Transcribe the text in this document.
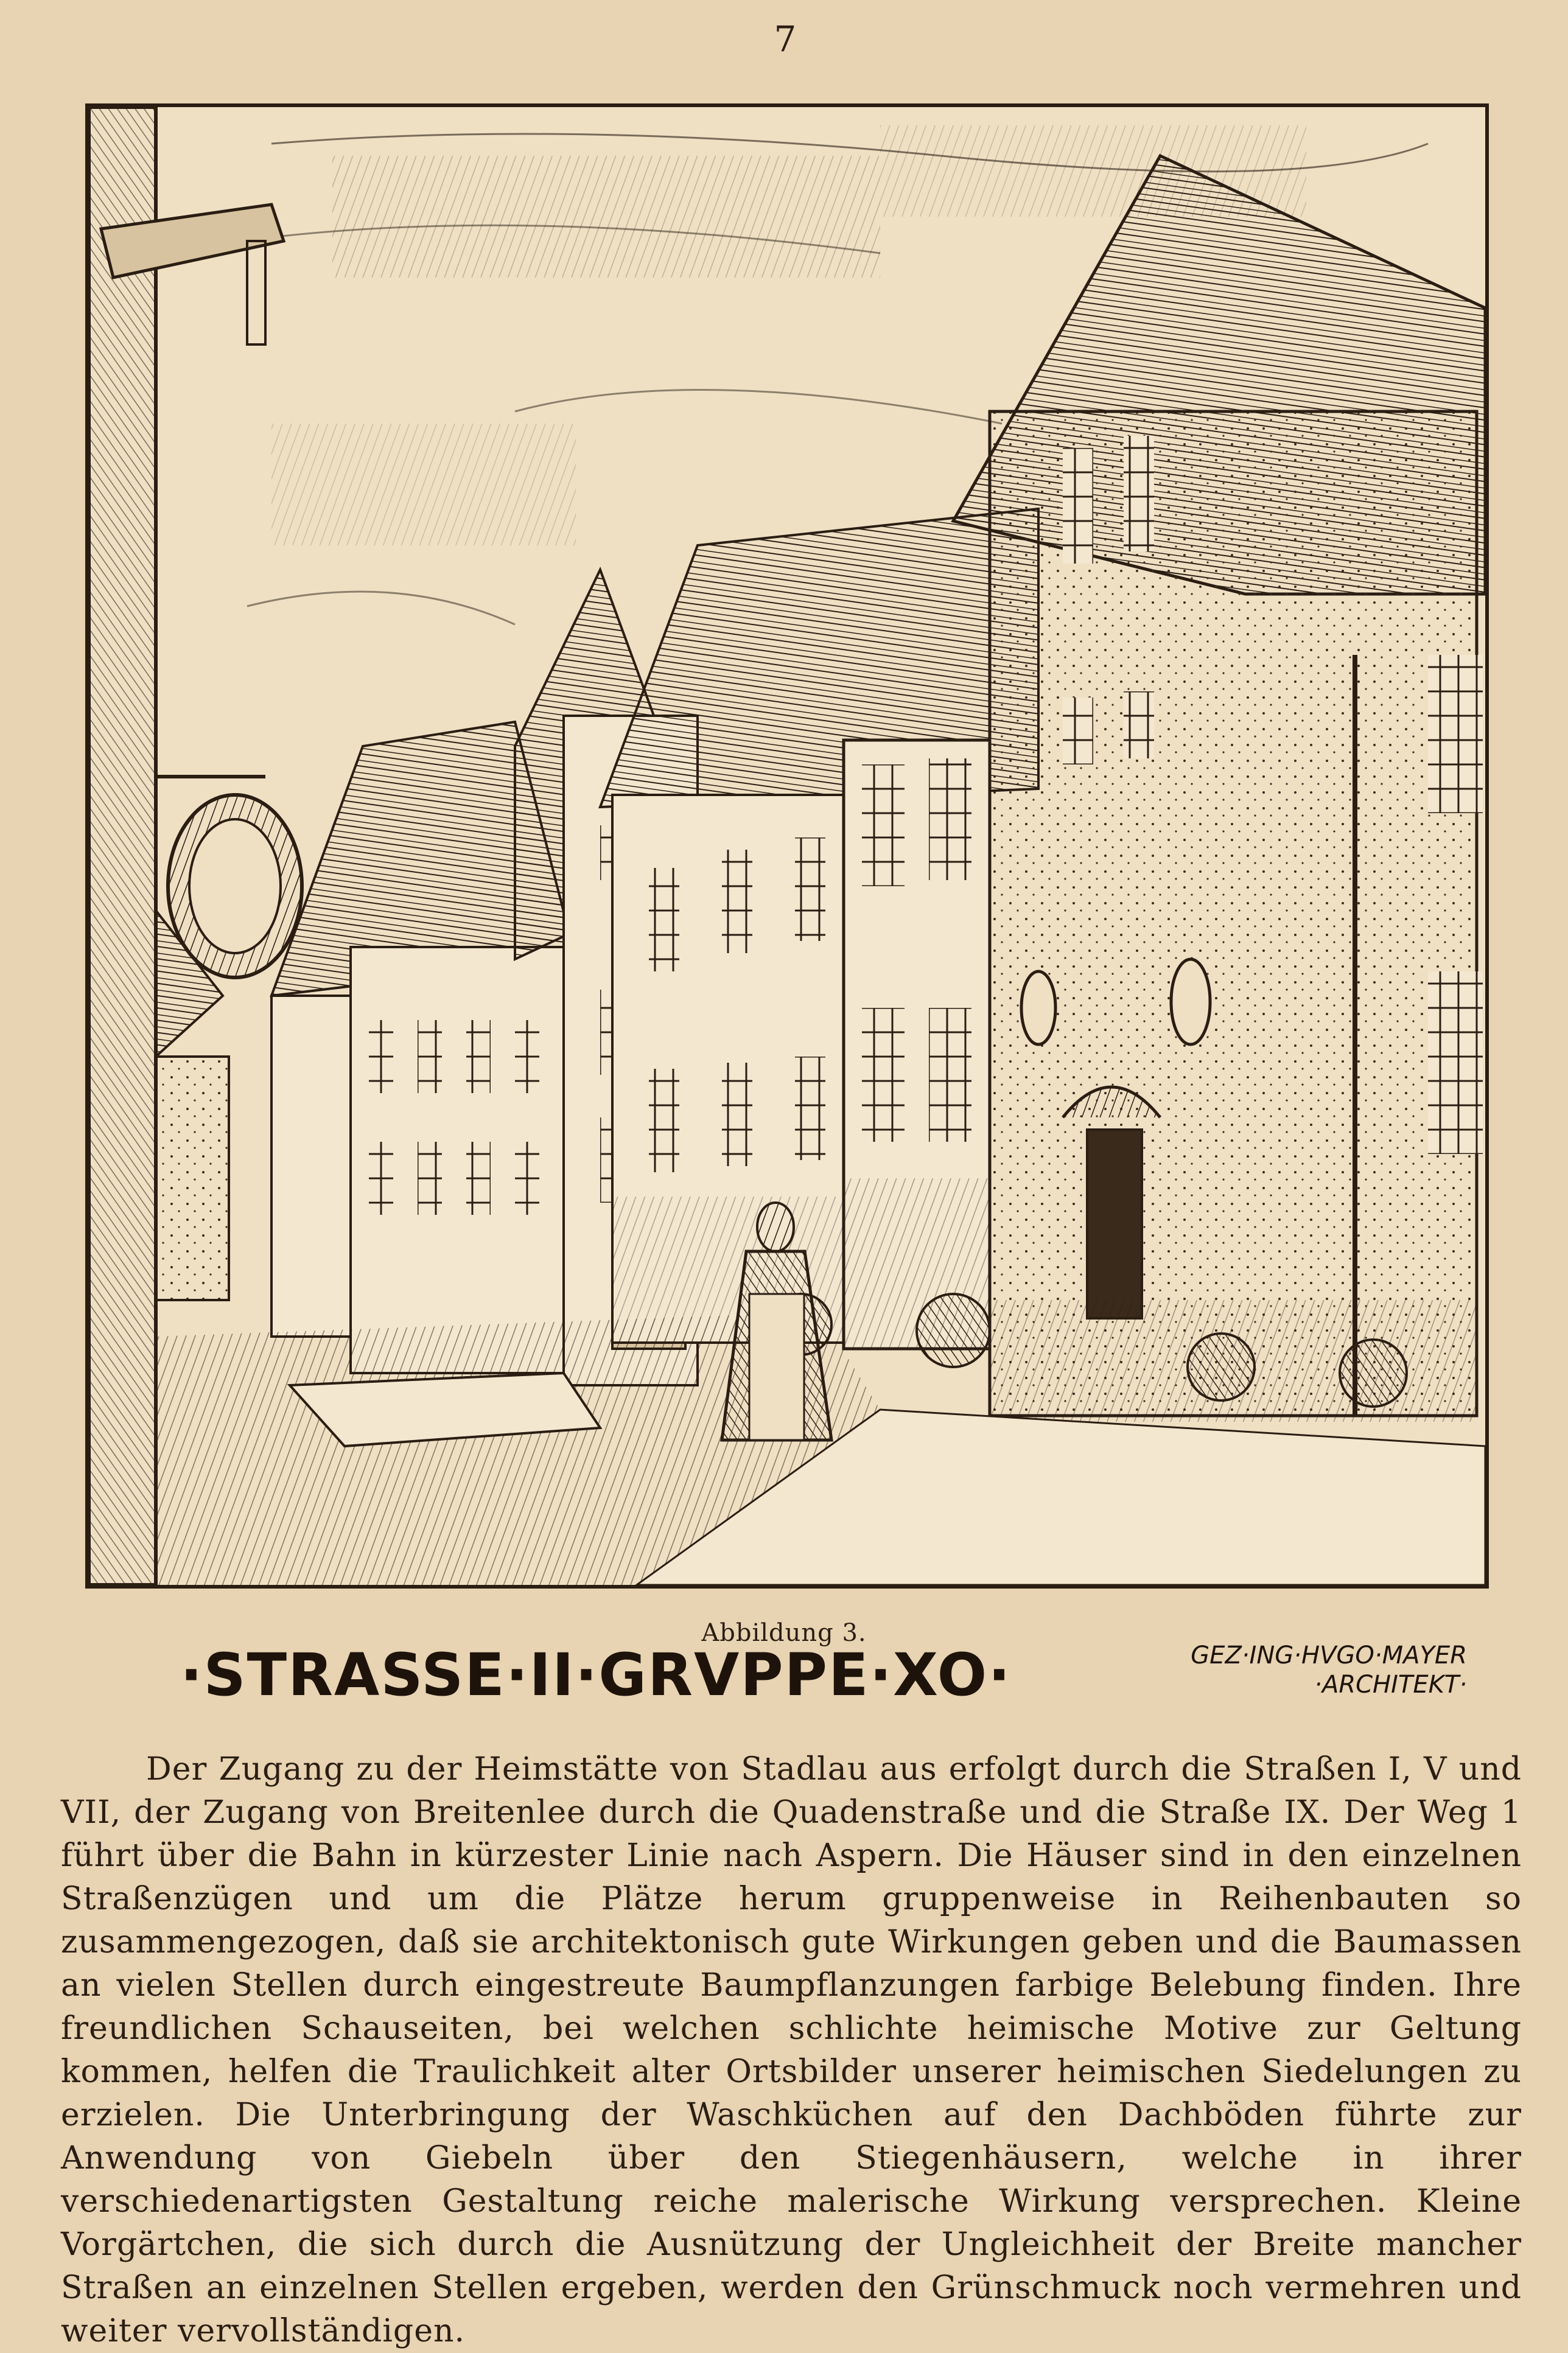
7
·STRASSE·II·GRVPPE·XO·	GEZ·ING·HVGO·MAYER
·ARCHITEKT·
Abbildung 3.

Der Zugang zu der Heimstätte von Stadlau aus erfolgt durch die Straßen I, V und VII, der Zugang von Breitenlee durch die Quadenstraße und die Straße IX. Der Weg 1 führt über die Bahn in kürzester Linie nach Aspern. Die Häuser sind in den einzelnen Straßenzügen und um die Plätze herum gruppenweise in Reihenbauten so zusammengezogen, daß sie architektonisch gute Wirkungen geben und die Baumassen an vielen Stellen durch eingestreute Baumpflanzungen farbige Belebung finden. Ihre freundlichen Schauseiten, bei welchen schlichte heimische Motive zur Geltung kommen, helfen die Traulichkeit alter Ortsbilder unserer heimischen Siedelungen zu erzielen. Die Unterbringung der Waschküchen auf den Dachböden führte zur Anwendung von Giebeln über den Stiegenhäusern, welche in ihrer verschiedenartigsten Gestaltung reiche malerische Wirkung versprechen. Kleine Vorgärtchen, die sich durch die Ausnützung der Ungleichheit der Breite mancher Straßen an einzelnen Stellen ergeben, werden den Grünschmuck noch vermehren und weiter vervollständigen.
